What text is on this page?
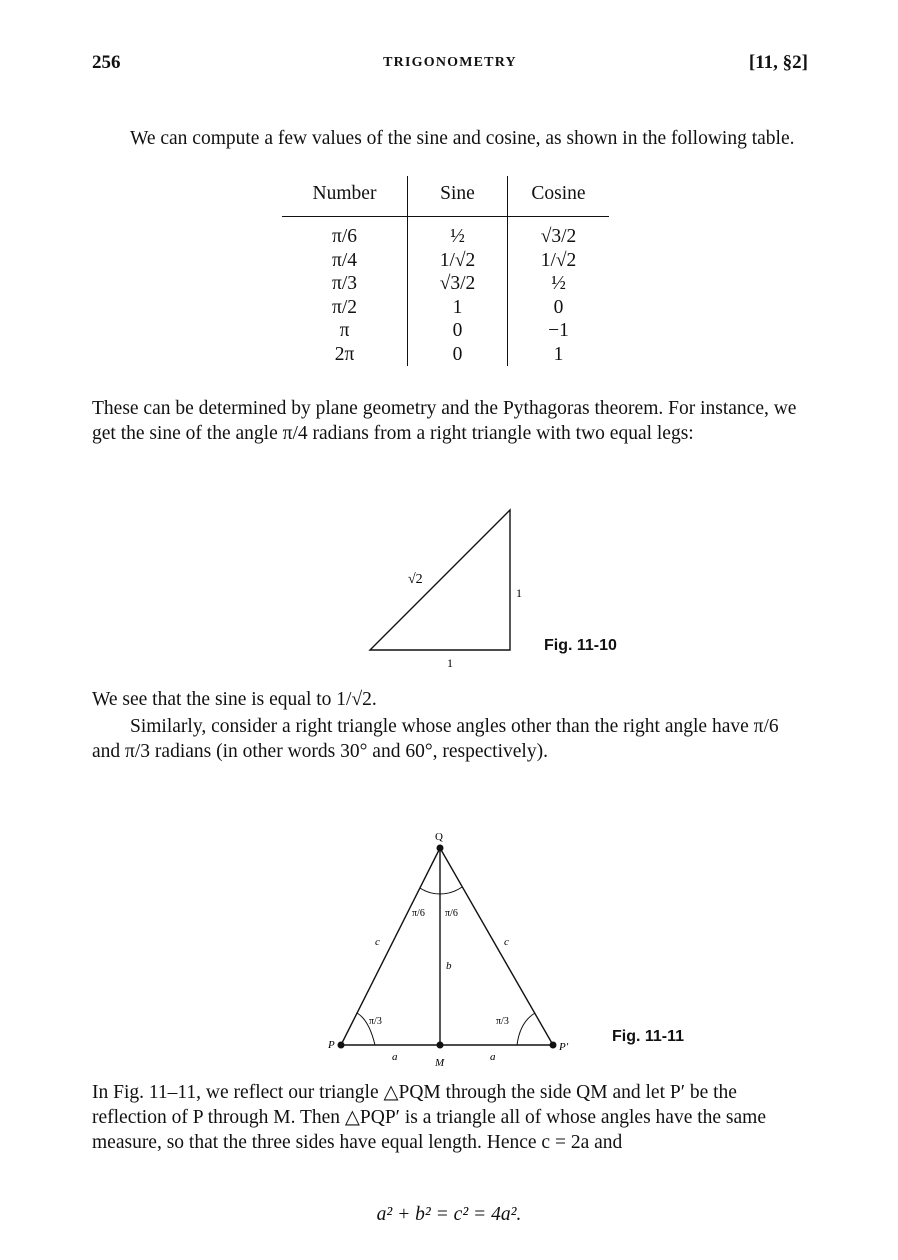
256	TRIGONOMETRY	[11, §2]

We can compute a few values of the sine and cosine, as shown in the following table.

Number	Sine	Cosine

π/6	½	√3/2
π/4	1/√2	1/√2
π/3	√3/2	½
π/2	1	0
π	0	−1
2π	0	1

These can be determined by plane geometry and the Pythagoras theorem. For instance, we get the sine of the angle π/4 radians from a right triangle with two equal legs:

√2
1
1
Fig. 11-10

We see that the sine is equal to 1/√2.

Similarly, consider a right triangle whose angles other than the right angle have π/6 and π/3 radians (in other words 30° and 60°, respectively).

Q
P	P′
M
c	c
b
a	a
π/6 π/6
π/3	π/3
Fig. 11-11

In Fig. 11–11, we reflect our triangle △PQM through the side QM and let P′ be the reflection of P through M. Then △PQP′ is a triangle all of whose angles have the same measure, so that the three sides have equal length. Hence c = 2a and

a² + b² = c² = 4a².
